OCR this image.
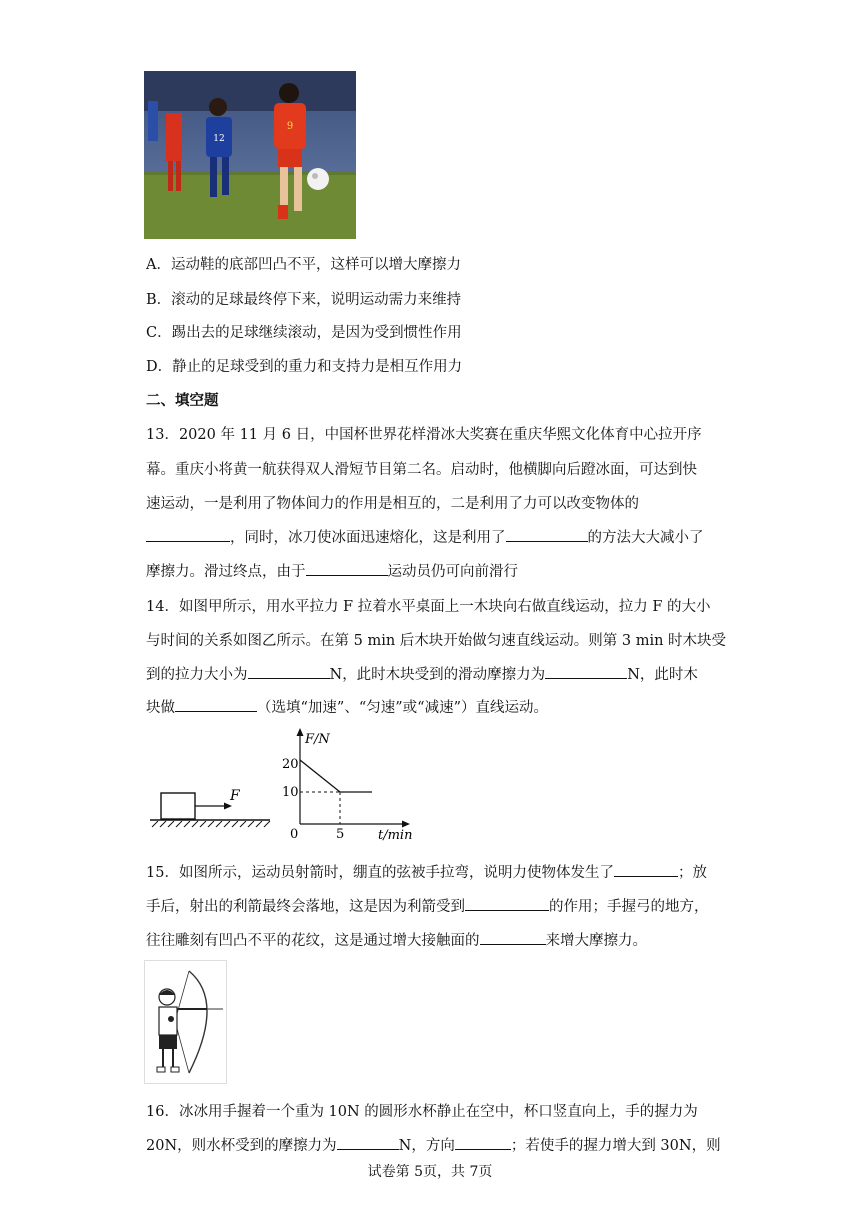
12
9
A．运动鞋的底部凹凸不平，这样可以增大摩擦力
B．滚动的足球最终停下来，说明运动需力来维持
C．踢出去的足球继续滚动，是因为受到惯性作用
D．静止的足球受到的重力和支持力是相互作用力
二、填空题
13．2020 年 11 月 6 日，中国杯世界花样滑冰大奖赛在重庆华熙文化体育中心拉开序
幕。重庆小将黄一航获得双人滑短节目第二名。启动时，他横脚向后蹬冰面，可达到快
速运动，一是利用了物体间力的作用是相互的，二是利用了力可以改变物体的
，同时，冰刀使冰面迅速熔化，这是利用了	的方法大大减小了
摩擦力。滑过终点，由于	运动员仍可向前滑行
14．如图甲所示，用水平拉力 F 拉着水平桌面上一木块向右做直线运动，拉力 F 的大小
与时间的关系如图乙所示。在第 5 min 后木块开始做匀速直线运动。则第 3 min 时木块受
到的拉力大小为	N，此时木块受到的滑动摩擦力为	N，此时木
块做	（选填“加速”、“匀速”或“减速”）直线运动。
F
F/N
t/min
20
10
0	5
15．如图所示，运动员射箭时，绷直的弦被手拉弯，说明力使物体发生了	；放
手后，射出的利箭最终会落地，这是因为利箭受到	的作用；手握弓的地方，
往往雕刻有凹凸不平的花纹，这是通过增大接触面的	来增大摩擦力。
16．冰冰用手握着一个重为 10N 的圆形水杯静止在空中，杯口竖直向上，手的握力为
20N，则水杯受到的摩擦力为	N，方向	；若使手的握力增大到 30N，则
试卷第 5页，共 7页
